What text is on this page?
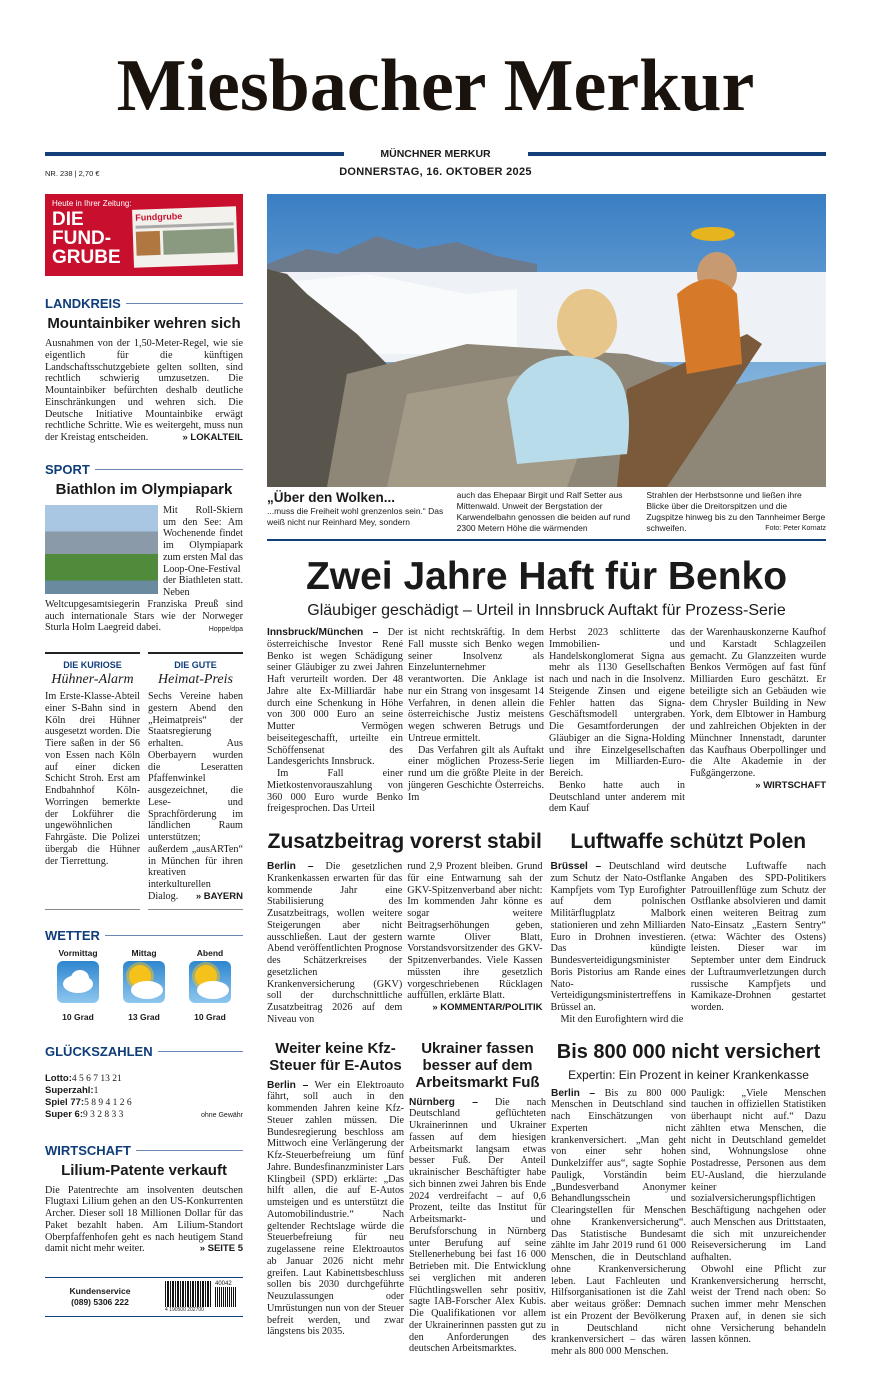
Miesbacher Merkur
MÜNCHNER MERKUR
NR. 238 | 2,70 €	DONNERSTAG, 16. OKTOBER 2025
Heute in Ihrer Zeitung:
DIE
FUND-
GRUBE
Fundgrube
LANDKREIS
Mountainbiker wehren sich
Ausnahmen von der 1,50-Meter-Regel, wie sie eigentlich für die künftigen Landschaftsschutzgebiete gelten sollten, sind rechtlich schwierig umzusetzen. Die Mountainbiker befürchten deshalb deutliche Einschränkungen und wehren sich. Die Deutsche Initiative Mountainbike erwägt rechtliche Schritte. Wie es weitergeht, muss nun der Kreistag entscheiden.	» LOKALTEIL
SPORT
Biathlon im Olympiapark
Mit Roll-Skiern um den See: Am Wochenende findet im Olympiapark zum ersten Mal das Loop-One-Festival der Biathleten statt. Neben Weltcupgesamtsiegerin Franziska Preuß sind auch internationale Stars wie der Norweger Sturla Holm Laegreid dabei.	Hoppe/dpa
DIE KURIOSE
Hühner-Alarm
Im Erste-Klasse-Abteil einer S-Bahn sind in Köln drei Hühner ausgesetzt worden. Die Tiere saßen in der S6 von Essen nach Köln auf einer dicken Schicht Stroh. Erst am Endbahnhof Köln-Worringen bemerkte der Lokführer die ungewöhnlichen Fahrgäste. Die Polizei übergab die Hühner der Tierrettung.
DIE GUTE
Heimat-Preis
Sechs Vereine haben gestern Abend den „Heimatpreis“ der Staatsregierung erhalten. Aus Oberbayern wurden die Leseratten Pfaffenwinkel ausgezeichnet, die Lese- und Sprachförderung im ländlichen Raum unterstützen; außerdem „ausARTen“ in München für ihren kreativen interkulturellen Dialog. » BAYERN
WETTER
Vormittag
10 Grad
Mittag
13 Grad
Abend
10 Grad
GLÜCKSZAHLEN
Lotto:4 5 6 7 13 21
Superzahl:1
Spiel 77:5 8 9 4 1 2 6
Super 6:9 3 2 8 3 3	ohne Gewähr
WIRTSCHAFT
Lilium-Patente verkauft
Die Patentrechte am insolventen deutschen Flugtaxi Lilium gehen an den US-Konkurrenten Archer. Dieser soll 18 Millionen Dollar für das Paket bezahlt haben. Am Lilium-Standort Oberpfaffenhofen geht es nach heutigem Stand damit nicht mehr weiter.	» SEITE 5
Kundenservice
(089) 5306 222
40042
4 190500 202700
„Über den Wolken...
...muss die Freiheit wohl grenzenlos sein.“ Das weiß nicht nur Reinhard Mey, sondern
auch das Ehepaar Birgit und Ralf Setter aus Mittenwald. Unweit der Bergstation der Karwendelbahn genossen die beiden auf rund 2300 Metern Höhe die wärmenden
Strahlen der Herbstsonne und ließen ihre Blicke über die Dreitorspitzen und die Zugspitze hinweg bis zu den Tannheimer Berge schweifen.	Foto: Peter Kornatz
Zwei Jahre Haft für Benko
Gläubiger geschädigt – Urteil in Innsbruck Auftakt für Prozess-Serie

Innsbruck/München – Der österreichische Investor René Benko ist wegen Schädigung seiner Gläubiger zu zwei Jahren Haft verurteilt worden. Der 48 Jahre alte Ex-Milliardär habe durch eine Schenkung in Höhe von 300 000 Euro an seine Mutter Vermögen beiseitegeschafft, urteilte ein Schöffensenat des Landesgerichts Innsbruck.

Im Fall einer Mietkostenvorauszahlung von 360 000 Euro wurde Benko freigesprochen. Das Urteil

ist nicht rechtskräftig. In dem Fall musste sich Benko wegen seiner Insolvenz als Einzelunternehmer verantworten. Die Anklage ist nur ein Strang von insgesamt 14 Verfahren, in denen allein die österreichische Justiz meistens wegen schweren Betrugs und Untreue ermittelt.

Das Verfahren gilt als Auftakt einer möglichen Prozess-Serie rund um die größte Pleite in der jüngeren Geschichte Österreichs. Im

Herbst 2023 schlitterte das Immobilien- und Handelskonglomerat Signa aus mehr als 1130 Gesellschaften nach und nach in die Insolvenz. Steigende Zinsen und eigene Fehler hatten das Signa-Geschäftsmodell untergraben. Die Gesamtforderungen der Gläubiger an die Signa-Holding und ihre Einzelgesellschaften liegen im Milliarden-Euro-Bereich.

Benko hatte auch in Deutschland unter anderem mit dem Kauf

der Warenhauskonzerne Kaufhof und Karstadt Schlagzeilen gemacht. Zu Glanzzeiten wurde Benkos Vermögen auf fast fünf Milliarden Euro geschätzt. Er beteiligte sich an Gebäuden wie dem Chrysler Building in New York, dem Elbtower in Hamburg und zahlreichen Objekten in der Münchner Innenstadt, darunter das Kaufhaus Oberpollinger und die Alte Akademie in der Fußgängerzone.

» WIRTSCHAFT
Zusatzbeitrag vorerst stabil

Berlin – Die gesetzlichen Krankenkassen erwarten für das kommende Jahr eine Stabilisierung des Zusatzbeitrags, wollen weitere Steigerungen aber nicht ausschließen. Laut der gestern Abend veröffentlichten Prognose des Schätzerkreises der gesetzlichen Krankenversicherung (GKV) soll der durchschnittliche Zusatzbeitrag 2026 auf dem Niveau von

rund 2,9 Prozent bleiben. Grund für eine Entwarnung sah der GKV-Spitzenverband aber nicht: Im kommenden Jahr könne es sogar weitere Beitragserhöhungen geben, warnte Oliver Blatt, Vorstandsvorsitzender des GKV-Spitzenverbandes. Viele Kassen müssten ihre gesetzlich vorgeschriebenen Rücklagen auffüllen, erklärte Blatt.

» KOMMENTAR/POLITIK
Luftwaffe schützt Polen

Brüssel – Deutschland wird zum Schutz der Nato-Ostflanke Kampfjets vom Typ Eurofighter auf dem polnischen Militärflugplatz Malbork stationieren und zehn Milliarden Euro in Drohnen investieren. Das kündigte Bundesverteidigungsminister Boris Pistorius am Rande eines Nato-Verteidigungsministertreffens in Brüssel an.

Mit den Eurofightern wird die

deutsche Luftwaffe nach Angaben des SPD-Politikers Patrouillenflüge zum Schutz der Ostflanke absolvieren und damit einen weiteren Beitrag zum Nato-Einsatz „Eastern Sentry“ (etwa: Wächter des Ostens) leisten. Dieser war im September unter dem Eindruck der Luftraumverletzungen durch russische Kampfjets und Kamikaze-Drohnen gestartet worden.

Weiter keine Kfz-Steuer für E-Autos
Berlin – Wer ein Elektroauto fährt, soll auch in den kommenden Jahren keine Kfz-Steuer zahlen müssen. Die Bundesregierung beschloss am Mittwoch eine Verlängerung der Kfz-Steuerbefreiung um fünf Jahre. Bundesfinanzminister Lars Klingbeil (SPD) erklärte: „Das hilft allen, die auf E-Autos umsteigen und es unterstützt die Automobilindustrie.“ Nach geltender Rechtslage würde die Steuerbefreiung für neu zugelassene reine Elektroautos ab Januar 2026 nicht mehr greifen. Laut Kabinettsbeschluss sollen bis 2030 durchgeführte Neuzulassungen oder Umrüstungen nun von der Steuer befreit werden, und zwar längstens bis 2035.
Ukrainer fassen besser auf dem Arbeitsmarkt Fuß
Nürnberg – Die nach Deutschland geflüchteten Ukrainerinnen und Ukrainer fassen auf dem hiesigen Arbeitsmarkt langsam etwas besser Fuß. Der Anteil ukrainischer Beschäftigter habe sich binnen zwei Jahren bis Ende 2024 verdreifacht – auf 0,6 Prozent, teilte das Institut für Arbeitsmarkt- und Berufsforschung in Nürnberg unter Berufung auf seine Stellenerhebung bei fast 16 000 Betrieben mit. Die Entwicklung sei verglichen mit anderen Flüchtlingswellen sehr positiv, sagte IAB-Forscher Alex Kubis. Die Qualifikationen vor allem der Ukrainerinnen passten gut zu den Anforderungen des deutschen Arbeitsmarktes.
Bis 800 000 nicht versichert
Expertin: Ein Prozent in keiner Krankenkasse

Berlin – Bis zu 800 000 Menschen in Deutschland sind nach Einschätzungen von Experten nicht krankenversichert. „Man geht von einer sehr hohen Dunkelziffer aus“, sagte Sophie Pauligk, Vorständin beim „Bundesverband Anonymer Behandlungsschein und Clearingstellen für Menschen ohne Krankenversicherung“. Das Statistische Bundesamt zählte im Jahr 2019 rund 61 000 Menschen, die in Deutschland ohne Krankenversicherung leben. Laut Fachleuten und Hilfsorganisationen ist die Zahl aber weitaus größer: Demnach ist ein Prozent der Bevölkerung in Deutschland nicht krankenversichert – das wären mehr als 800 000 Menschen.

Pauligk: „Viele Menschen tauchen in offiziellen Statistiken überhaupt nicht auf.“ Dazu zählten etwa Menschen, die nicht in Deutschland gemeldet sind, Wohnungslose ohne Postadresse, Personen aus dem EU-Ausland, die hierzulande keiner sozialversicherungspflichtigen Beschäftigung nachgehen oder auch Menschen aus Drittstaaten, die sich mit unzureichender Reiseversicherung im Land aufhalten.

Obwohl eine Pflicht zur Krankenversicherung herrscht, weist der Trend nach oben: So suchen immer mehr Menschen Praxen auf, in denen sie sich ohne Versicherung behandeln lassen können.
